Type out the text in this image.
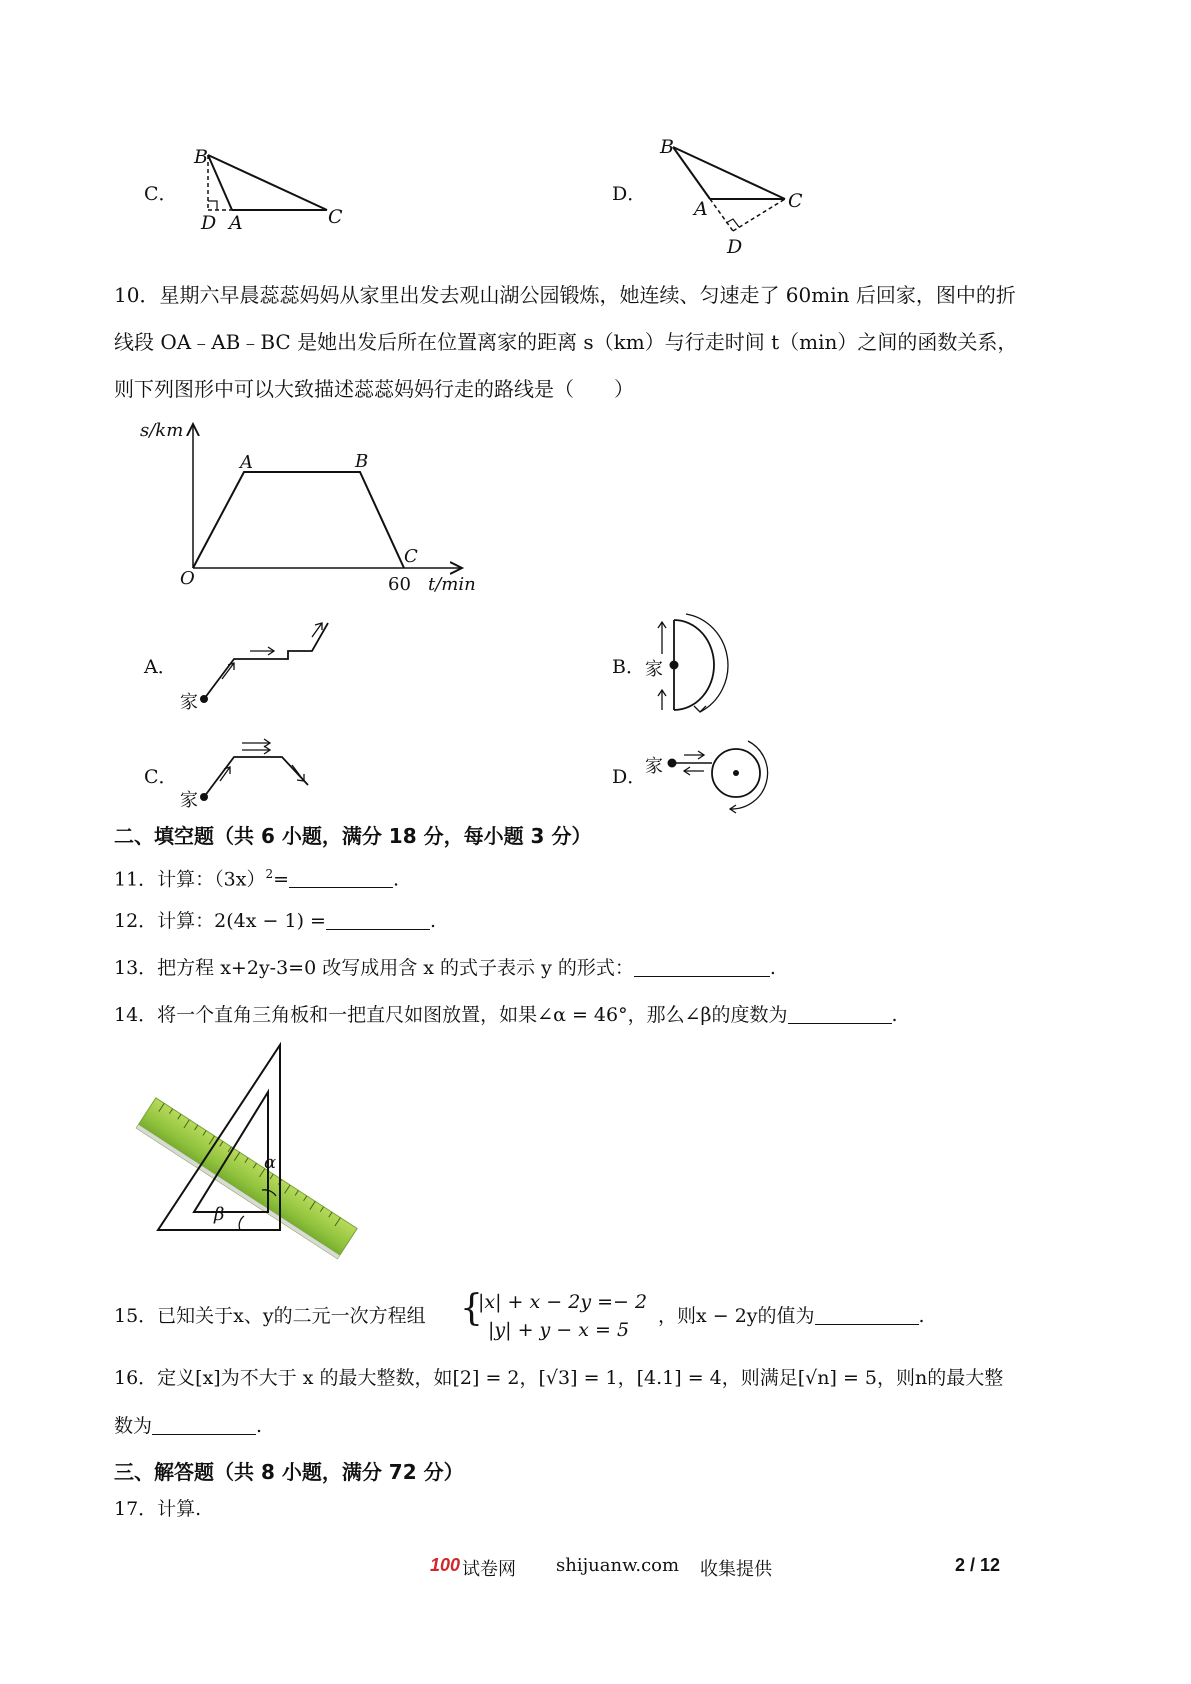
C．
B
D A	C
D．
B
A	C
D
10．星期六早晨蕊蕊妈妈从家里出发去观山湖公园锻炼，她连续、匀速走了 60min 后回家，图中的折
线段 OA﹣AB﹣BC 是她出发后所在位置离家的距离 s（km）与行走时间 t（min）之间的函数关系，
则下列图形中可以大致描述蕊蕊妈妈行走的路线是（　　）
s/km
A	B
C
O	60 t/min
A．
家
B． 家
C．
家
D．
家
二、填空题（共 6 小题，满分 18 分，每小题 3 分）
11．计算：$(3x)^2=$	.
12．计算：2(4x − 1) =	.
13．把方程 x+2y-3=0 改写成用含 x 的式子表示 y 的形式：	.
14．将一个直角三角板和一把直尺如图放置，如果∠α = 46°，那么∠β的度数为	.
α
β
15．已知关于x、y的二元一次方程组 {
|x| + x − 2y =− 2
|y| + y − x = 5
，则x − 2y的值为	.
16．定义[x]为不大于 x 的最大整数，如[2] = 2，[√3] = 1，[4.1] = 4，则满足[√n] = 5，则n的最大整
数为	.
三、解答题（共 8 小题，满分 72 分）
17．计算.
100 试卷网 shijuanw.com 收集提供	2 / 12
